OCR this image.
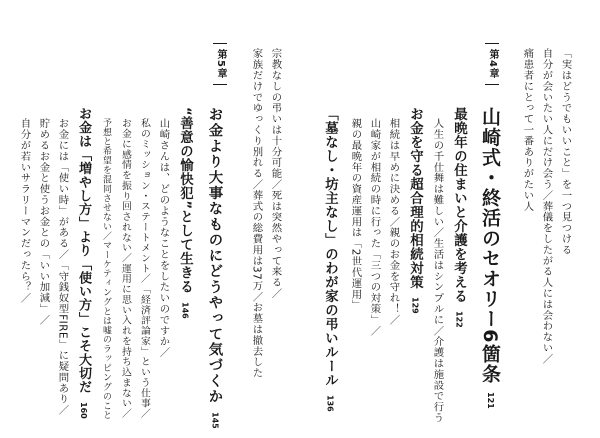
「実はどうでもいいこと」を一つ見つける
自分が会いたい人にだけ会う／葬儀をしたがる人には会わない／
痛患者にとって一番ありがたい人
第4章
山崎式・終活のセオリー6箇条121
最晩年の住まいと介護を考える122
人生の千仕舞は難しい／生活はシンプルに／介護は施設で行う
お金を守る超合理的相続対策129
相続は早めに決める／親のお金を守れ！／
山崎家が相続の時に行った「三つの対策」／
親の最晩年の資産運用は「2世代運用」
「墓なし・坊主なし」のわが家の弔いルール136
宗教なしの弔いは十分可能／死は突然やって来る／
家族だけでゆっくり別れる／葬式の総費用は37万／お墓は撤去した
第5章
お金より大事なものにどうやって気づくか145
“善意の愉快犯”として生きる146
山崎さんは、どのようなことをしたいのですか／
私のミッション・ステートメント／「経済評論家」という仕事／
お金に感情を振り回されない／運用に思い入れを持ち込まない／
予想と希望を混同させない／マーケティングとは嘘のラッピングのこと
お金は「増やし方」より「使い方」こそ大切だ160
お金には「使い時」がある／「守銭奴型FIRE」に疑問あり／
貯めるお金と使うお金との「いい加減」／
自分が若いサラリーマンだったら？／
